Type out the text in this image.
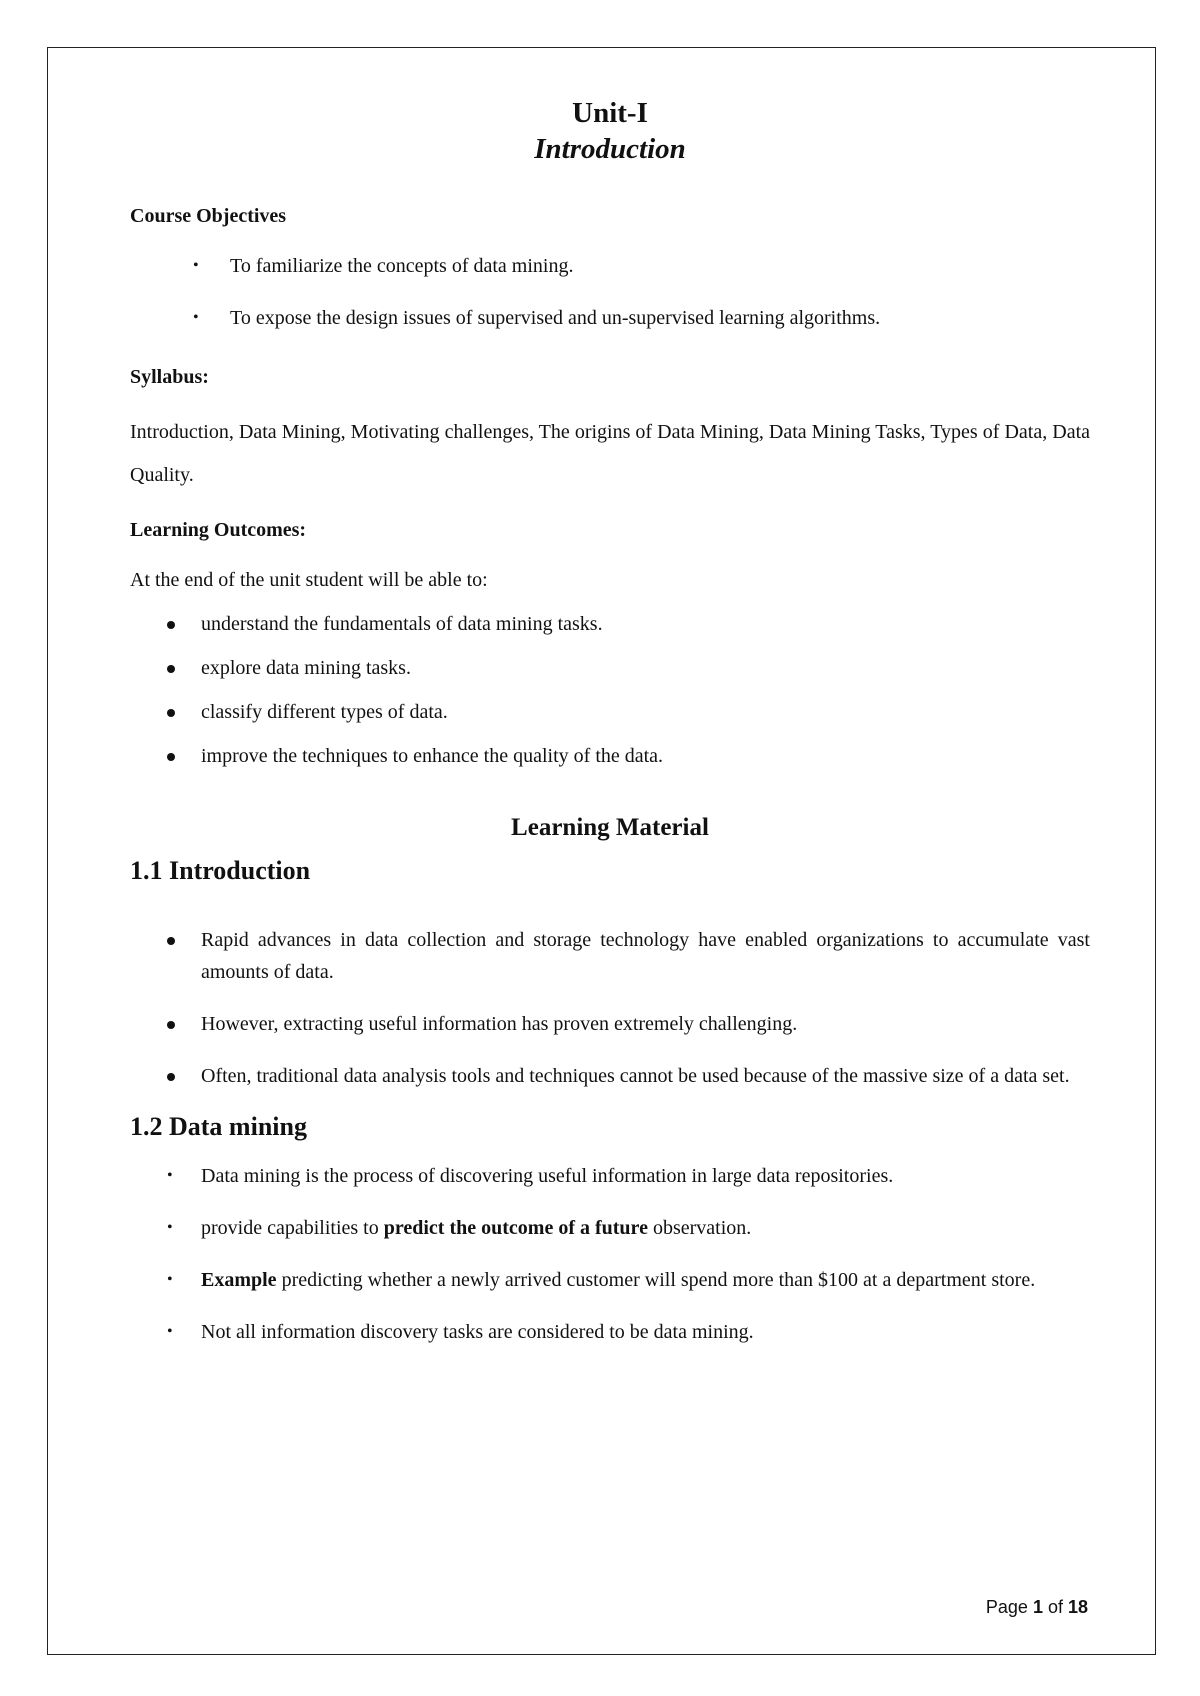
Unit-I

Introduction

Course Objectives

• To familiarize the concepts of data mining.
• To expose the design issues of supervised and un-supervised learning algorithms.

Syllabus:

Introduction, Data Mining, Motivating challenges, The origins of Data Mining, Data Mining Tasks, Types of Data, Data Quality.

Learning Outcomes:

At the end of the unit student will be able to:

understand the fundamentals of data mining tasks.
explore data mining tasks.
classify different types of data.
improve the techniques to enhance the quality of the data.

Learning Material

1.1 Introduction

Rapid advances in data collection and storage technology have enabled organizations to accumulate vast amounts of data.
However, extracting useful information has proven extremely challenging.
Often, traditional data analysis tools and techniques cannot be used because of the massive size of a data set.

1.2 Data mining

• Data mining is the process of discovering useful information in large data repositories.
• provide capabilities to predict the outcome of a future observation.
• Example predicting whether a newly arrived customer will spend more than $100 at a department store.
• Not all information discovery tasks are considered to be data mining.
Page 1 of 18
